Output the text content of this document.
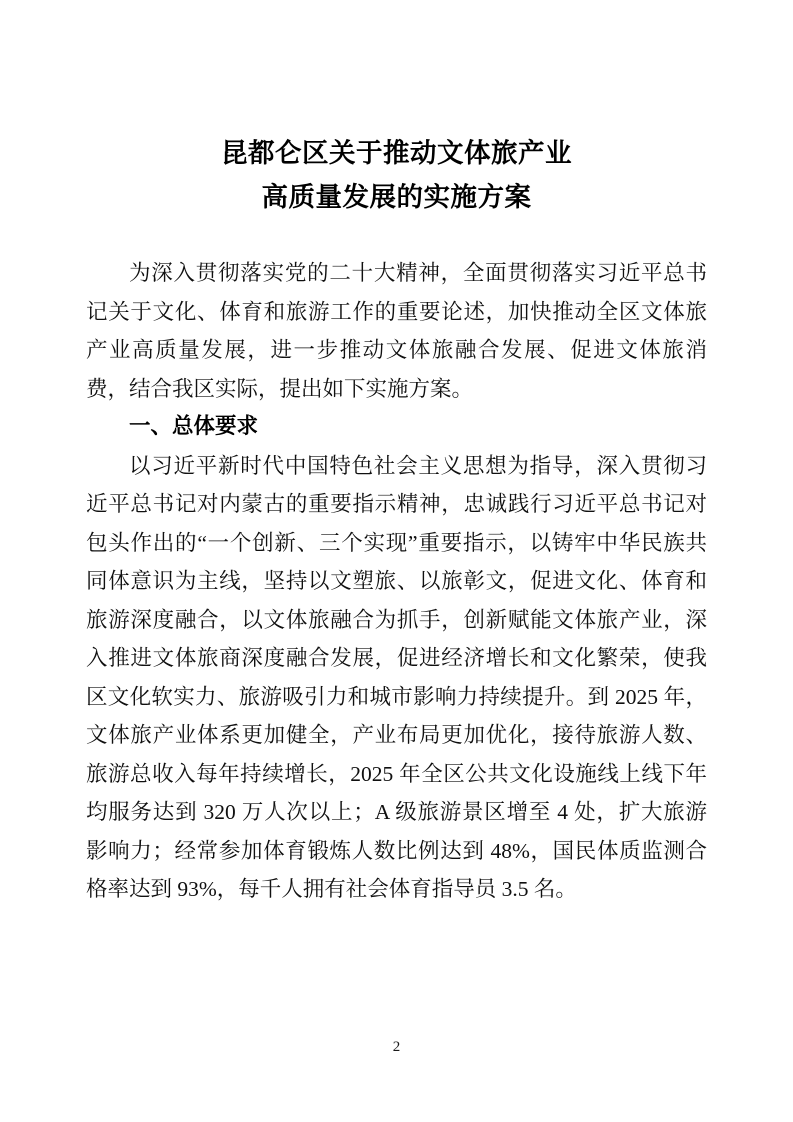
昆都仑区关于推动文体旅产业
高质量发展的实施方案

为深入贯彻落实党的二十大精神，全面贯彻落实习近平总书记关于文化、体育和旅游工作的重要论述，加快推动全区文体旅产业高质量发展，进一步推动文体旅融合发展、促进文体旅消费，结合我区实际，提出如下实施方案。

一、总体要求

以习近平新时代中国特色社会主义思想为指导，深入贯彻习近平总书记对内蒙古的重要指示精神，忠诚践行习近平总书记对包头作出的“一个创新、三个实现”重要指示，以铸牢中华民族共同体意识为主线，坚持以文塑旅、以旅彰文，促进文化、体育和旅游深度融合，以文体旅融合为抓手，创新赋能文体旅产业，深入推进文体旅商深度融合发展，促进经济增长和文化繁荣，使我区文化软实力、旅游吸引力和城市影响力持续提升。到 2025 年，文体旅产业体系更加健全，产业布局更加优化，接待旅游人数、旅游总收入每年持续增长，2025 年全区公共文化设施线上线下年均服务达到 320 万人次以上；A 级旅游景区增至 4 处，扩大旅游影响力；经常参加体育锻炼人数比例达到 48%，国民体质监测合格率达到 93%，每千人拥有社会体育指导员 3.5 名。

2
